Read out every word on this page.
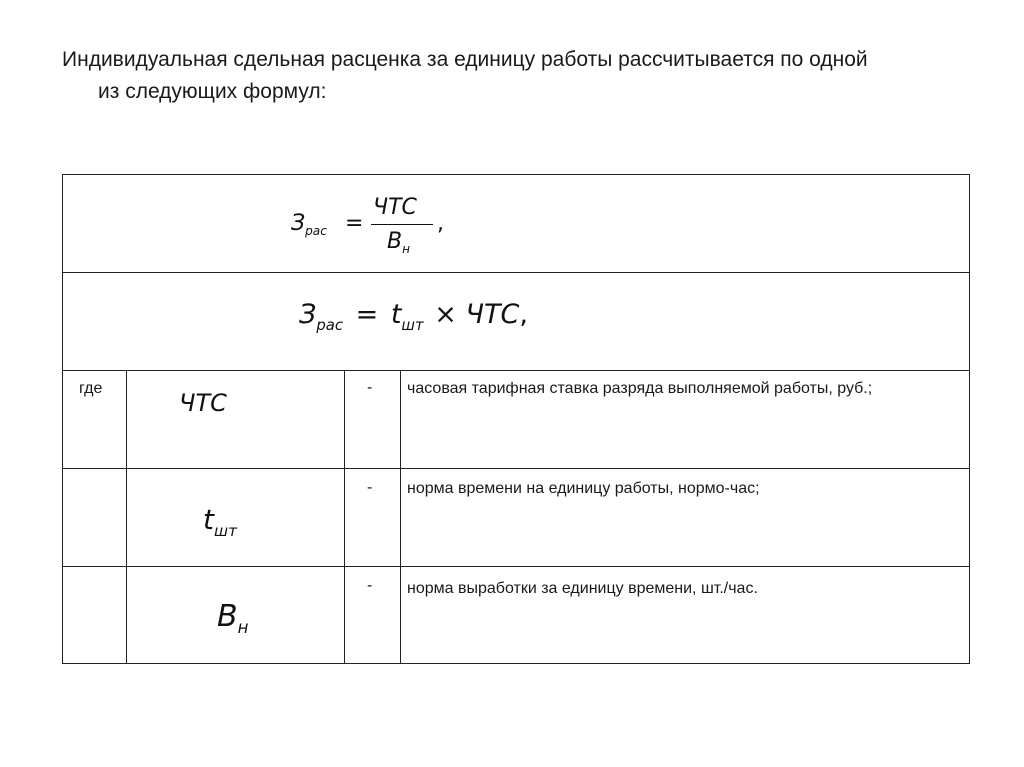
Индивидуальная сдельная расценка за единицу работы рассчитывается по одной
из следующих формул:
$З_{рас}$ =
ЧТС
$В_н$
,
$З_{рас} = t_{шт}$ × ЧТС,
где
ЧТС
- часовая тарифная ставка разряда выполняемой работы, руб.;
$t_{шт}$
- норма времени на единицу работы, нормо-час;
$В_н$
- норма выработки за единицу времени, шт./час.
